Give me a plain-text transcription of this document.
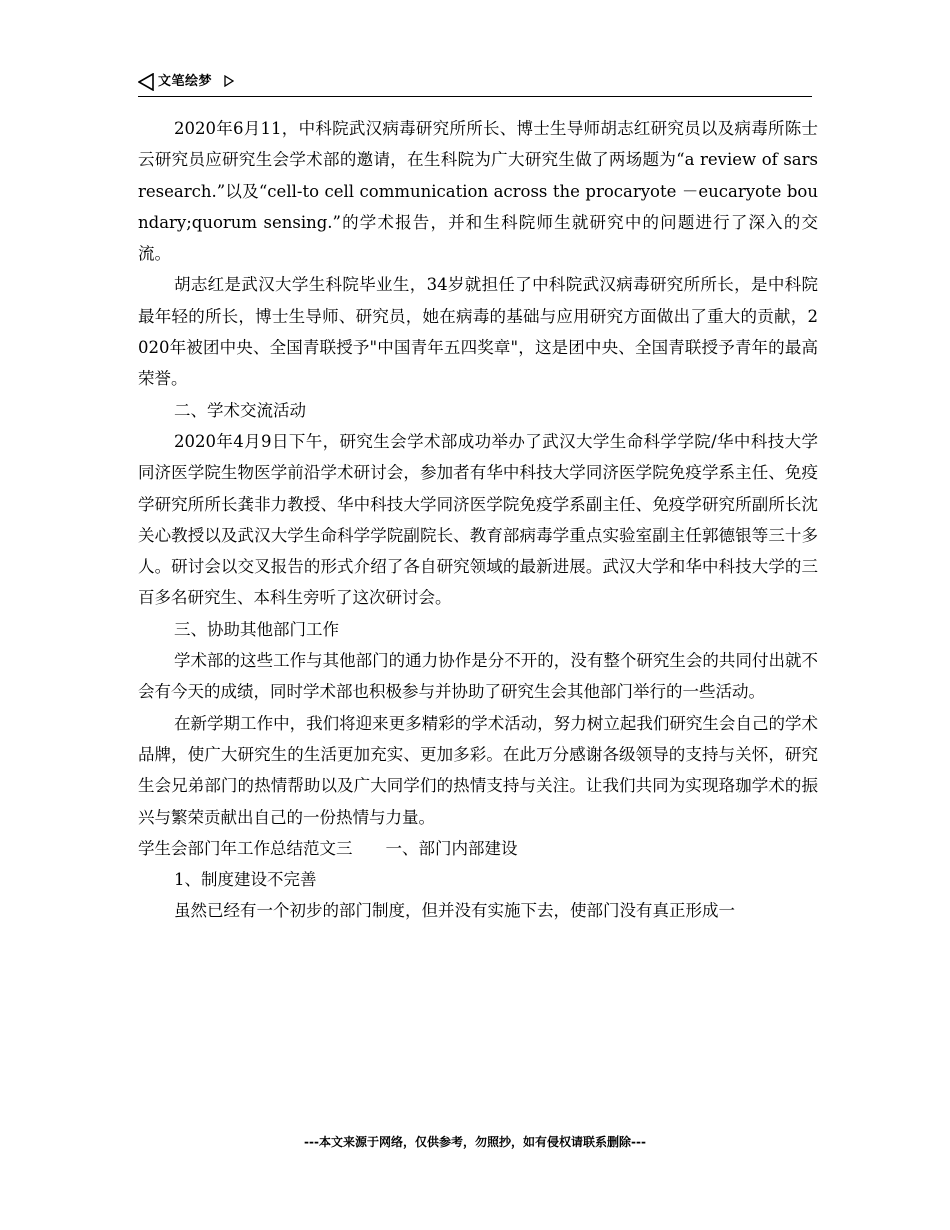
文笔绘梦

2020年6月11，中科院武汉病毒研究所所长、博士生导师胡志红研究员以及病毒所陈士云研究员应研究生会学术部的邀请，在生科院为广大研究生做了两场题为“a review of sars research.”以及“cell-to cell communication across the procaryote －eucaryote boundary;quorum sensing.”的学术报告，并和生科院师生就研究中的问题进行了深入的交流。

胡志红是武汉大学生科院毕业生，34岁就担任了中科院武汉病毒研究所所长，是中科院最年轻的所长，博士生导师、研究员，她在病毒的基础与应用研究方面做出了重大的贡献，2020年被团中央、全国青联授予"中国青年五四奖章"，这是团中央、全国青联授予青年的最高荣誉。

二、学术交流活动

2020年4月9日下午，研究生会学术部成功举办了武汉大学生命科学学院/华中科技大学同济医学院生物医学前沿学术研讨会，参加者有华中科技大学同济医学院免疫学系主任、免疫学研究所所长龚非力教授、华中科技大学同济医学院免疫学系副主任、免疫学研究所副所长沈关心教授以及武汉大学生命科学学院副院长、教育部病毒学重点实验室副主任郭德银等三十多人。研讨会以交叉报告的形式介绍了各自研究领域的最新进展。武汉大学和华中科技大学的三百多名研究生、本科生旁听了这次研讨会。

三、协助其他部门工作

学术部的这些工作与其他部门的通力协作是分不开的，没有整个研究生会的共同付出就不会有今天的成绩，同时学术部也积极参与并协助了研究生会其他部门举行的一些活动。

在新学期工作中，我们将迎来更多精彩的学术活动，努力树立起我们研究生会自己的学术品牌，使广大研究生的生活更加充实、更加多彩。在此万分感谢各级领导的支持与关怀，研究生会兄弟部门的热情帮助以及广大同学们的热情支持与关注。让我们共同为实现珞珈学术的振兴与繁荣贡献出自己的一份热情与力量。

学生会部门年工作总结范文三　　一、部门内部建设

1、制度建设不完善

虽然已经有一个初步的部门制度，但并没有实施下去，使部门没有真正形成一

---本文来源于网络，仅供参考，勿照抄，如有侵权请联系删除---
